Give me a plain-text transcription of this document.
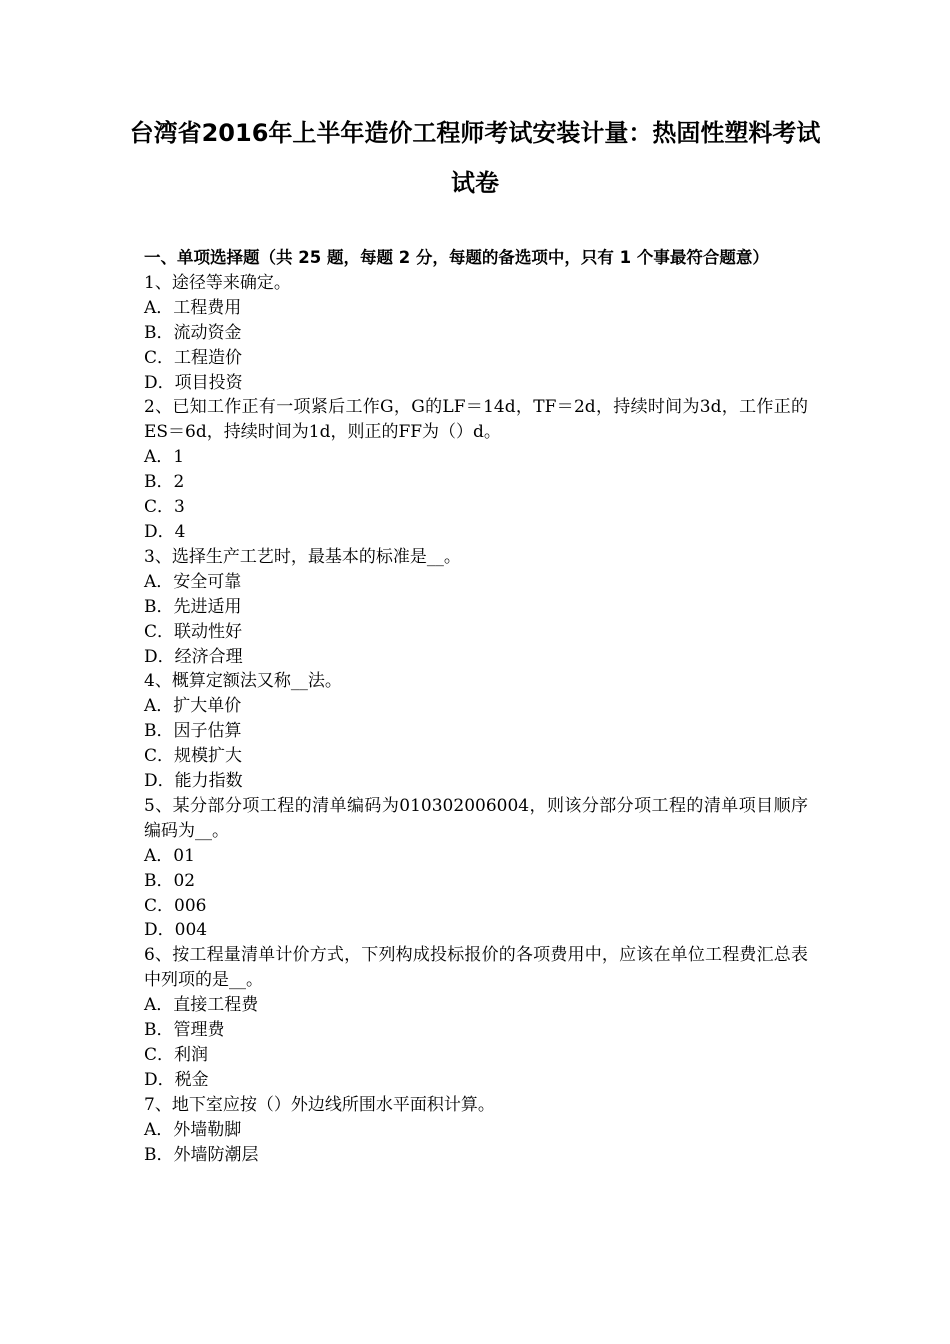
台湾省2016年上半年造价工程师考试安装计量：热固性塑料考试试卷
一、单项选择题（共 25 题，每题 2 分，每题的备选项中，只有 1 个事最符合题意）
1、途径等来确定。
A．工程费用
B．流动资金
C．工程造价
D．项目投资
2、已知工作正有一项紧后工作G，G的LF＝14d，TF＝2d，持续时间为3d，工作正的ES＝6d，持续时间为1d，则正的FF为（）d。
A．1
B．2
C．3
D．4
3、选择生产工艺时，最基本的标准是__。
A．安全可靠
B．先进适用
C．联动性好
D．经济合理
4、概算定额法又称__法。
A．扩大单价
B．因子估算
C．规模扩大
D．能力指数
5、某分部分项工程的清单编码为010302006004，则该分部分项工程的清单项目顺序编码为__。
A．01
B．02
C．006
D．004
6、按工程量清单计价方式，下列构成投标报价的各项费用中，应该在单位工程费汇总表中列项的是__。
A．直接工程费
B．管理费
C．利润
D．税金
7、地下室应按（）外边线所围水平面积计算。
A．外墙勒脚
B．外墙防潮层
